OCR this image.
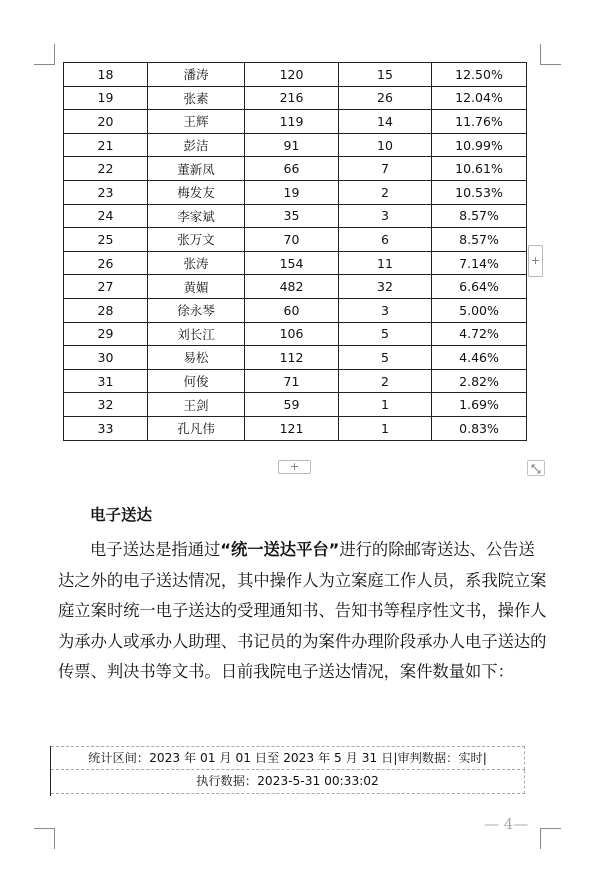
18	潘涛	120	15	12.50%
19	张素	216	26	12.04%
20	王辉	119	14	11.76%
21	彭洁	91	10	10.99%
22	董新凤	66	7	10.61%
23	梅发友	19	2	10.53%
24	李家斌	35	3	8.57%
25	张万文	70	6	8.57%
26	张涛	154	11	7.14%
27	黄媚	482	32	6.64%
28	徐永琴	60	3	5.00%
29	刘长江	106	5	4.72%
30	易松	112	5	4.46%
31	何俊	71	2	2.82%
32	王剑	59	1	1.69%
33	孔凡伟	121	1	0.83%
+
+
电子送达

电子送达是指通过“统一送达平台”进行的除邮寄送达、公告送达之外的电子送达情况，其中操作人为立案庭工作人员，系我院立案庭立案时统一电子送达的受理通知书、告知书等程序性文书，操作人为承办人或承办人助理、书记员的为案件办理阶段承办人电子送达的传票、判决书等文书。日前我院电子送达情况，案件数量如下：

统计区间：2023 年 01 月 01 日至 2023 年 5 月 31 日|审判数据：实时|
执行数据：2023-5-31 00:33:02
— 4—
